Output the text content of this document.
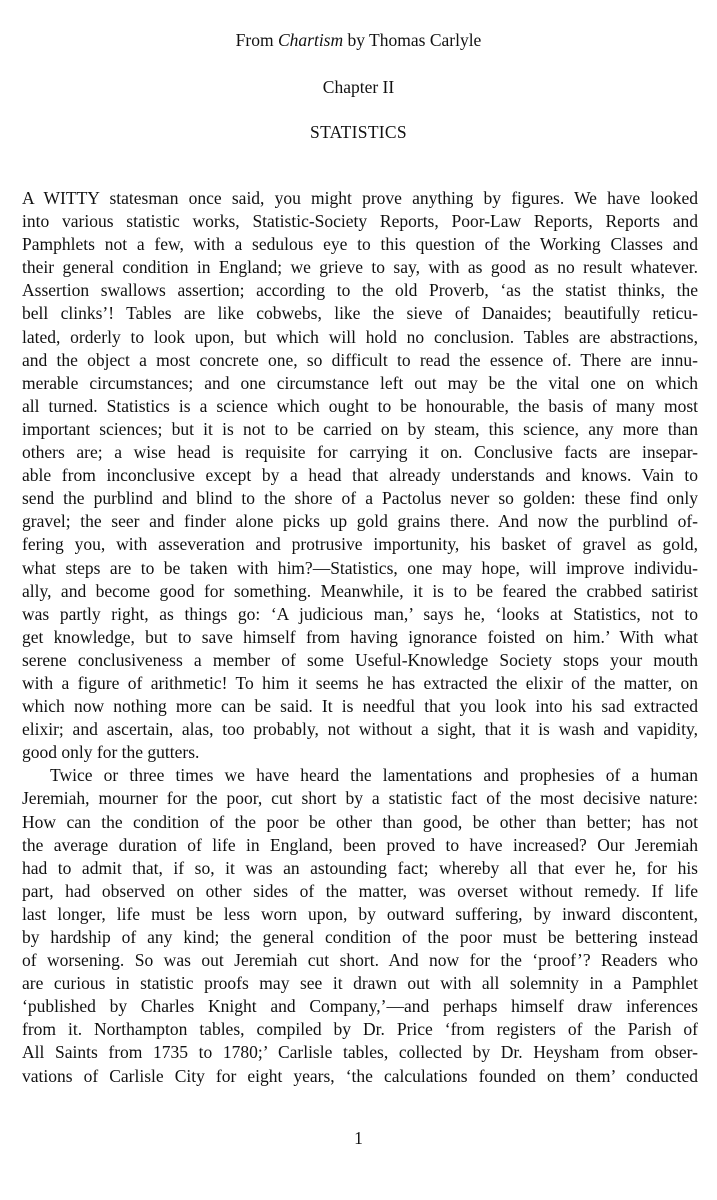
From Chartism by Thomas Carlyle
Chapter II
STATISTICS
A WITTY statesman once said, you might prove anything by figures. We have looked
into various statistic works, Statistic-Society Reports, Poor-Law Reports, Reports and
Pamphlets not a few, with a sedulous eye to this question of the Working Classes and
their general condition in England; we grieve to say, with as good as no result whatever.
Assertion swallows assertion; according to the old Proverb, ‘as the statist thinks, the
bell clinks’! Tables are like cobwebs, like the sieve of Danaides; beautifully reticu-
lated, orderly to look upon, but which will hold no conclusion. Tables are abstractions,
and the object a most concrete one, so difficult to read the essence of. There are innu-
merable circumstances; and one circumstance left out may be the vital one on which
all turned. Statistics is a science which ought to be honourable, the basis of many most
important sciences; but it is not to be carried on by steam, this science, any more than
others are; a wise head is requisite for carrying it on. Conclusive facts are insepar-
able from inconclusive except by a head that already understands and knows. Vain to
send the purblind and blind to the shore of a Pactolus never so golden: these find only
gravel; the seer and finder alone picks up gold grains there. And now the purblind of-
fering you, with asseveration and protrusive importunity, his basket of gravel as gold,
what steps are to be taken with him?—Statistics, one may hope, will improve individu-
ally, and become good for something. Meanwhile, it is to be feared the crabbed satirist
was partly right, as things go: ‘A judicious man,’ says he, ‘looks at Statistics, not to
get knowledge, but to save himself from having ignorance foisted on him.’ With what
serene conclusiveness a member of some Useful-Knowledge Society stops your mouth
with a figure of arithmetic! To him it seems he has extracted the elixir of the matter, on
which now nothing more can be said. It is needful that you look into his sad extracted
elixir; and ascertain, alas, too probably, not without a sight, that it is wash and vapidity,
good only for the gutters.
Twice or three times we have heard the lamentations and prophesies of a human
Jeremiah, mourner for the poor, cut short by a statistic fact of the most decisive nature:
How can the condition of the poor be other than good, be other than better; has not
the average duration of life in England, been proved to have increased? Our Jeremiah
had to admit that, if so, it was an astounding fact; whereby all that ever he, for his
part, had observed on other sides of the matter, was overset without remedy. If life
last longer, life must be less worn upon, by outward suffering, by inward discontent,
by hardship of any kind; the general condition of the poor must be bettering instead
of worsening. So was out Jeremiah cut short. And now for the ‘proof’? Readers who
are curious in statistic proofs may see it drawn out with all solemnity in a Pamphlet
‘published by Charles Knight and Company,’—and perhaps himself draw inferences
from it. Northampton tables, compiled by Dr. Price ‘from registers of the Parish of
All Saints from 1735 to 1780;’ Carlisle tables, collected by Dr. Heysham from obser-
vations of Carlisle City for eight years, ‘the calculations founded on them’ conducted
1
